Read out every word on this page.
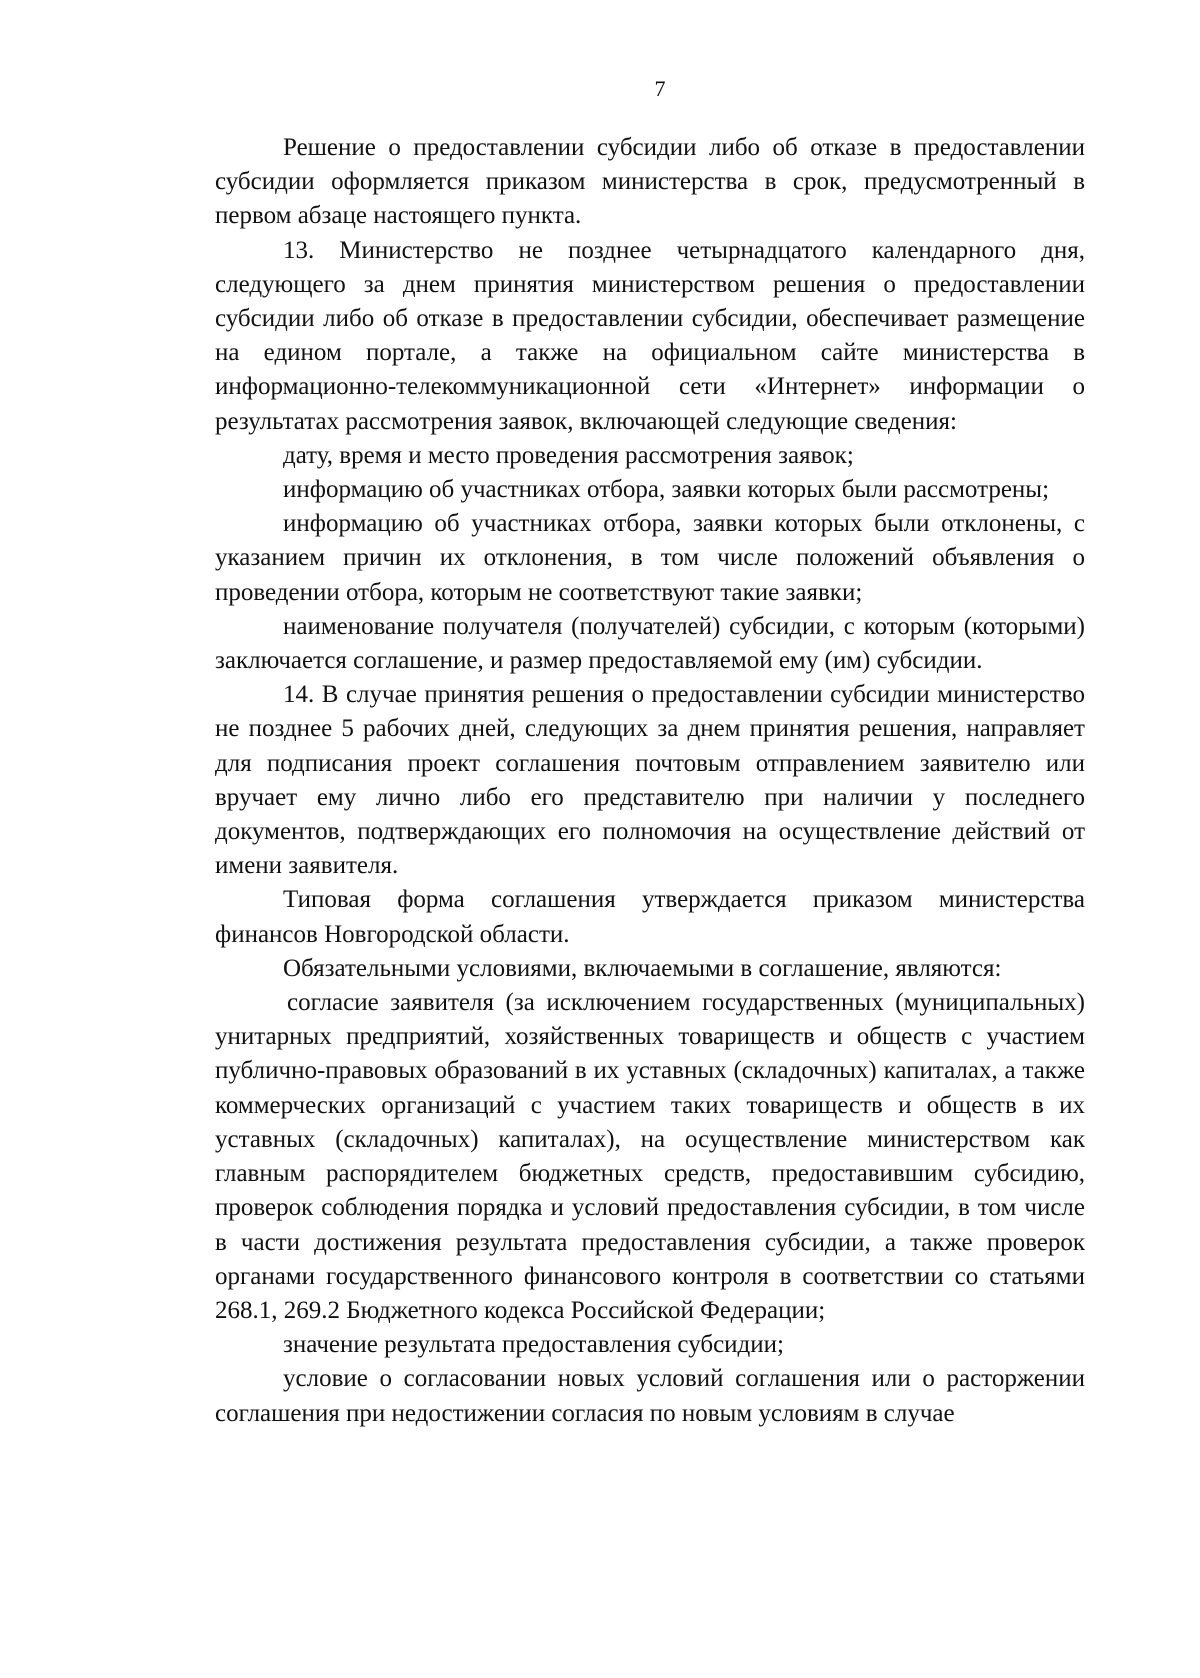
7

Решение о предоставлении субсидии либо об отказе в предоставлении субсидии оформляется приказом министерства в срок, предусмотренный в первом абзаце настоящего пункта.

13. Министерство не позднее четырнадцатого календарного дня, следующего за днем принятия министерством решения о предоставлении субсидии либо об отказе в предоставлении субсидии, обеспечивает размещение на едином портале, а также на официальном сайте министерства в информационно-телекоммуникационной сети «Интернет» информации о результатах рассмотрения заявок, включающей следующие сведения:

дату, время и место проведения рассмотрения заявок;

информацию об участниках отбора, заявки которых были рассмотрены;

информацию об участниках отбора, заявки которых были отклонены, с указанием причин их отклонения, в том числе положений объявления о проведении отбора, которым не соответствуют такие заявки;

наименование получателя (получателей) субсидии, с которым (которыми) заключается соглашение, и размер предоставляемой ему (им) субсидии.

14. В случае принятия решения о предоставлении субсидии министерство не позднее 5 рабочих дней, следующих за днем принятия решения, направляет для подписания проект соглашения почтовым отправлением заявителю или вручает ему лично либо его представителю при наличии у последнего документов, подтверждающих его полномочия на осуществление действий от имени заявителя.

Типовая форма соглашения утверждается приказом министерства финансов Новгородской области.

Обязательными условиями, включаемыми в соглашение, являются:

согласие заявителя (за исключением государственных (муниципальных) унитарных предприятий, хозяйственных товариществ и обществ с участием публично-правовых образований в их уставных (складочных) капиталах, а также коммерческих организаций с участием таких товариществ и обществ в их уставных (складочных) капиталах), на осуществление министерством как главным распорядителем бюджетных средств, предоставившим субсидию, проверок соблюдения порядка и условий предоставления субсидии, в том числе в части достижения результата предоставления субсидии, а также проверок органами государственного финансового контроля в соответствии со статьями 268.1, 269.2 Бюджетного кодекса Российской Федерации;

значение результата предоставления субсидии;

условие о согласовании новых условий соглашения или о расторжении соглашения при недостижении согласия по новым условиям в случае
